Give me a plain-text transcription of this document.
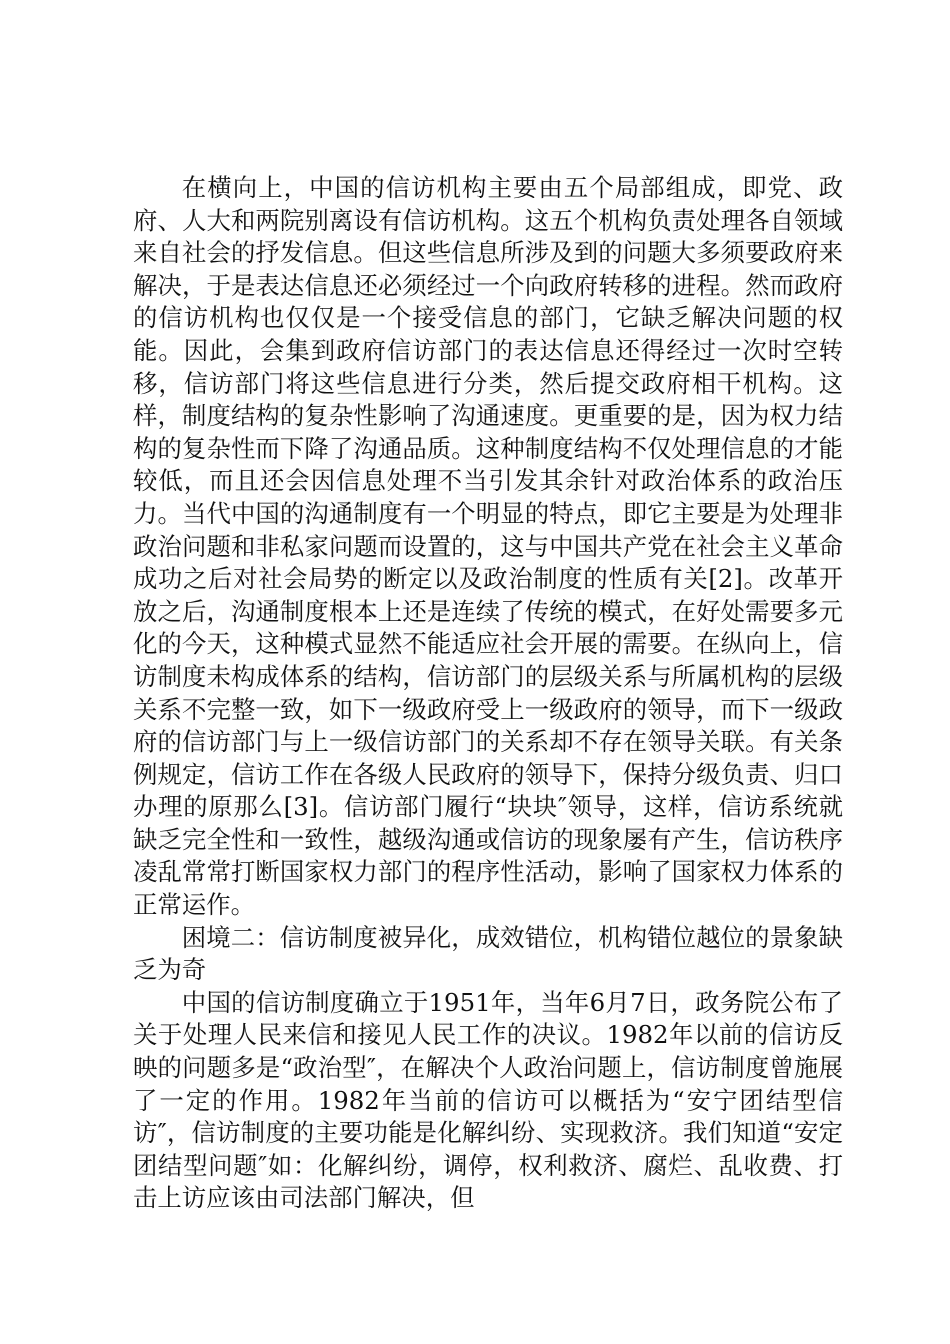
在横向上，中国的信访机构主要由五个局部组成，即党、政府、人大和两院别离设有信访机构。这五个机构负责处理各自领域来自社会的抒发信息。但这些信息所涉及到的问题大多须要政府来解决，于是表达信息还必须经过一个向政府转移的进程。然而政府的信访机构也仅仅是一个接受信息的部门，它缺乏解决问题的权能。因此，会集到政府信访部门的表达信息还得经过一次时空转移，信访部门将这些信息进行分类，然后提交政府相干机构。这样，制度结构的复杂性影响了沟通速度。更重要的是，因为权力结构的复杂性而下降了沟通品质。这种制度结构不仅处理信息的才能较低，而且还会因信息处理不当引发其余针对政治体系的政治压力。当代中国的沟通制度有一个明显的特点，即它主要是为处理非政治问题和非私家问题而设置的，这与中国共产党在社会主义革命成功之后对社会局势的断定以及政治制度的性质有关[2]。改革开放之后，沟通制度根本上还是连续了传统的模式，在好处需要多元化的今天，这种模式显然不能适应社会开展的需要。在纵向上，信访制度未构成体系的结构，信访部门的层级关系与所属机构的层级关系不完整一致，如下一级政府受上一级政府的领导，而下一级政府的信访部门与上一级信访部门的关系却不存在领导关联。有关条例规定，信访工作在各级人民政府的领导下，保持分级负责、归口办理的原那么[3]。信访部门履行“块块″领导，这样，信访系统就缺乏完全性和一致性，越级沟通或信访的现象屡有产生，信访秩序凌乱常常打断国家权力部门的程序性活动，影响了国家权力体系的正常运作。

困境二：信访制度被异化，成效错位，机构错位越位的景象缺乏为奇

中国的信访制度确立于1951年，当年6月7日，政务院公布了关于处理人民来信和接见人民工作的决议。1982年以前的信访反映的问题多是“政治型″，在解决个人政治问题上，信访制度曾施展了一定的作用。1982年当前的信访可以概括为“安宁团结型信访″，信访制度的主要功能是化解纠纷、实现救济。我们知道“安定团结型问题″如：化解纠纷，调停，权利救济、腐烂、乱收费、打击上访应该由司法部门解决，但
